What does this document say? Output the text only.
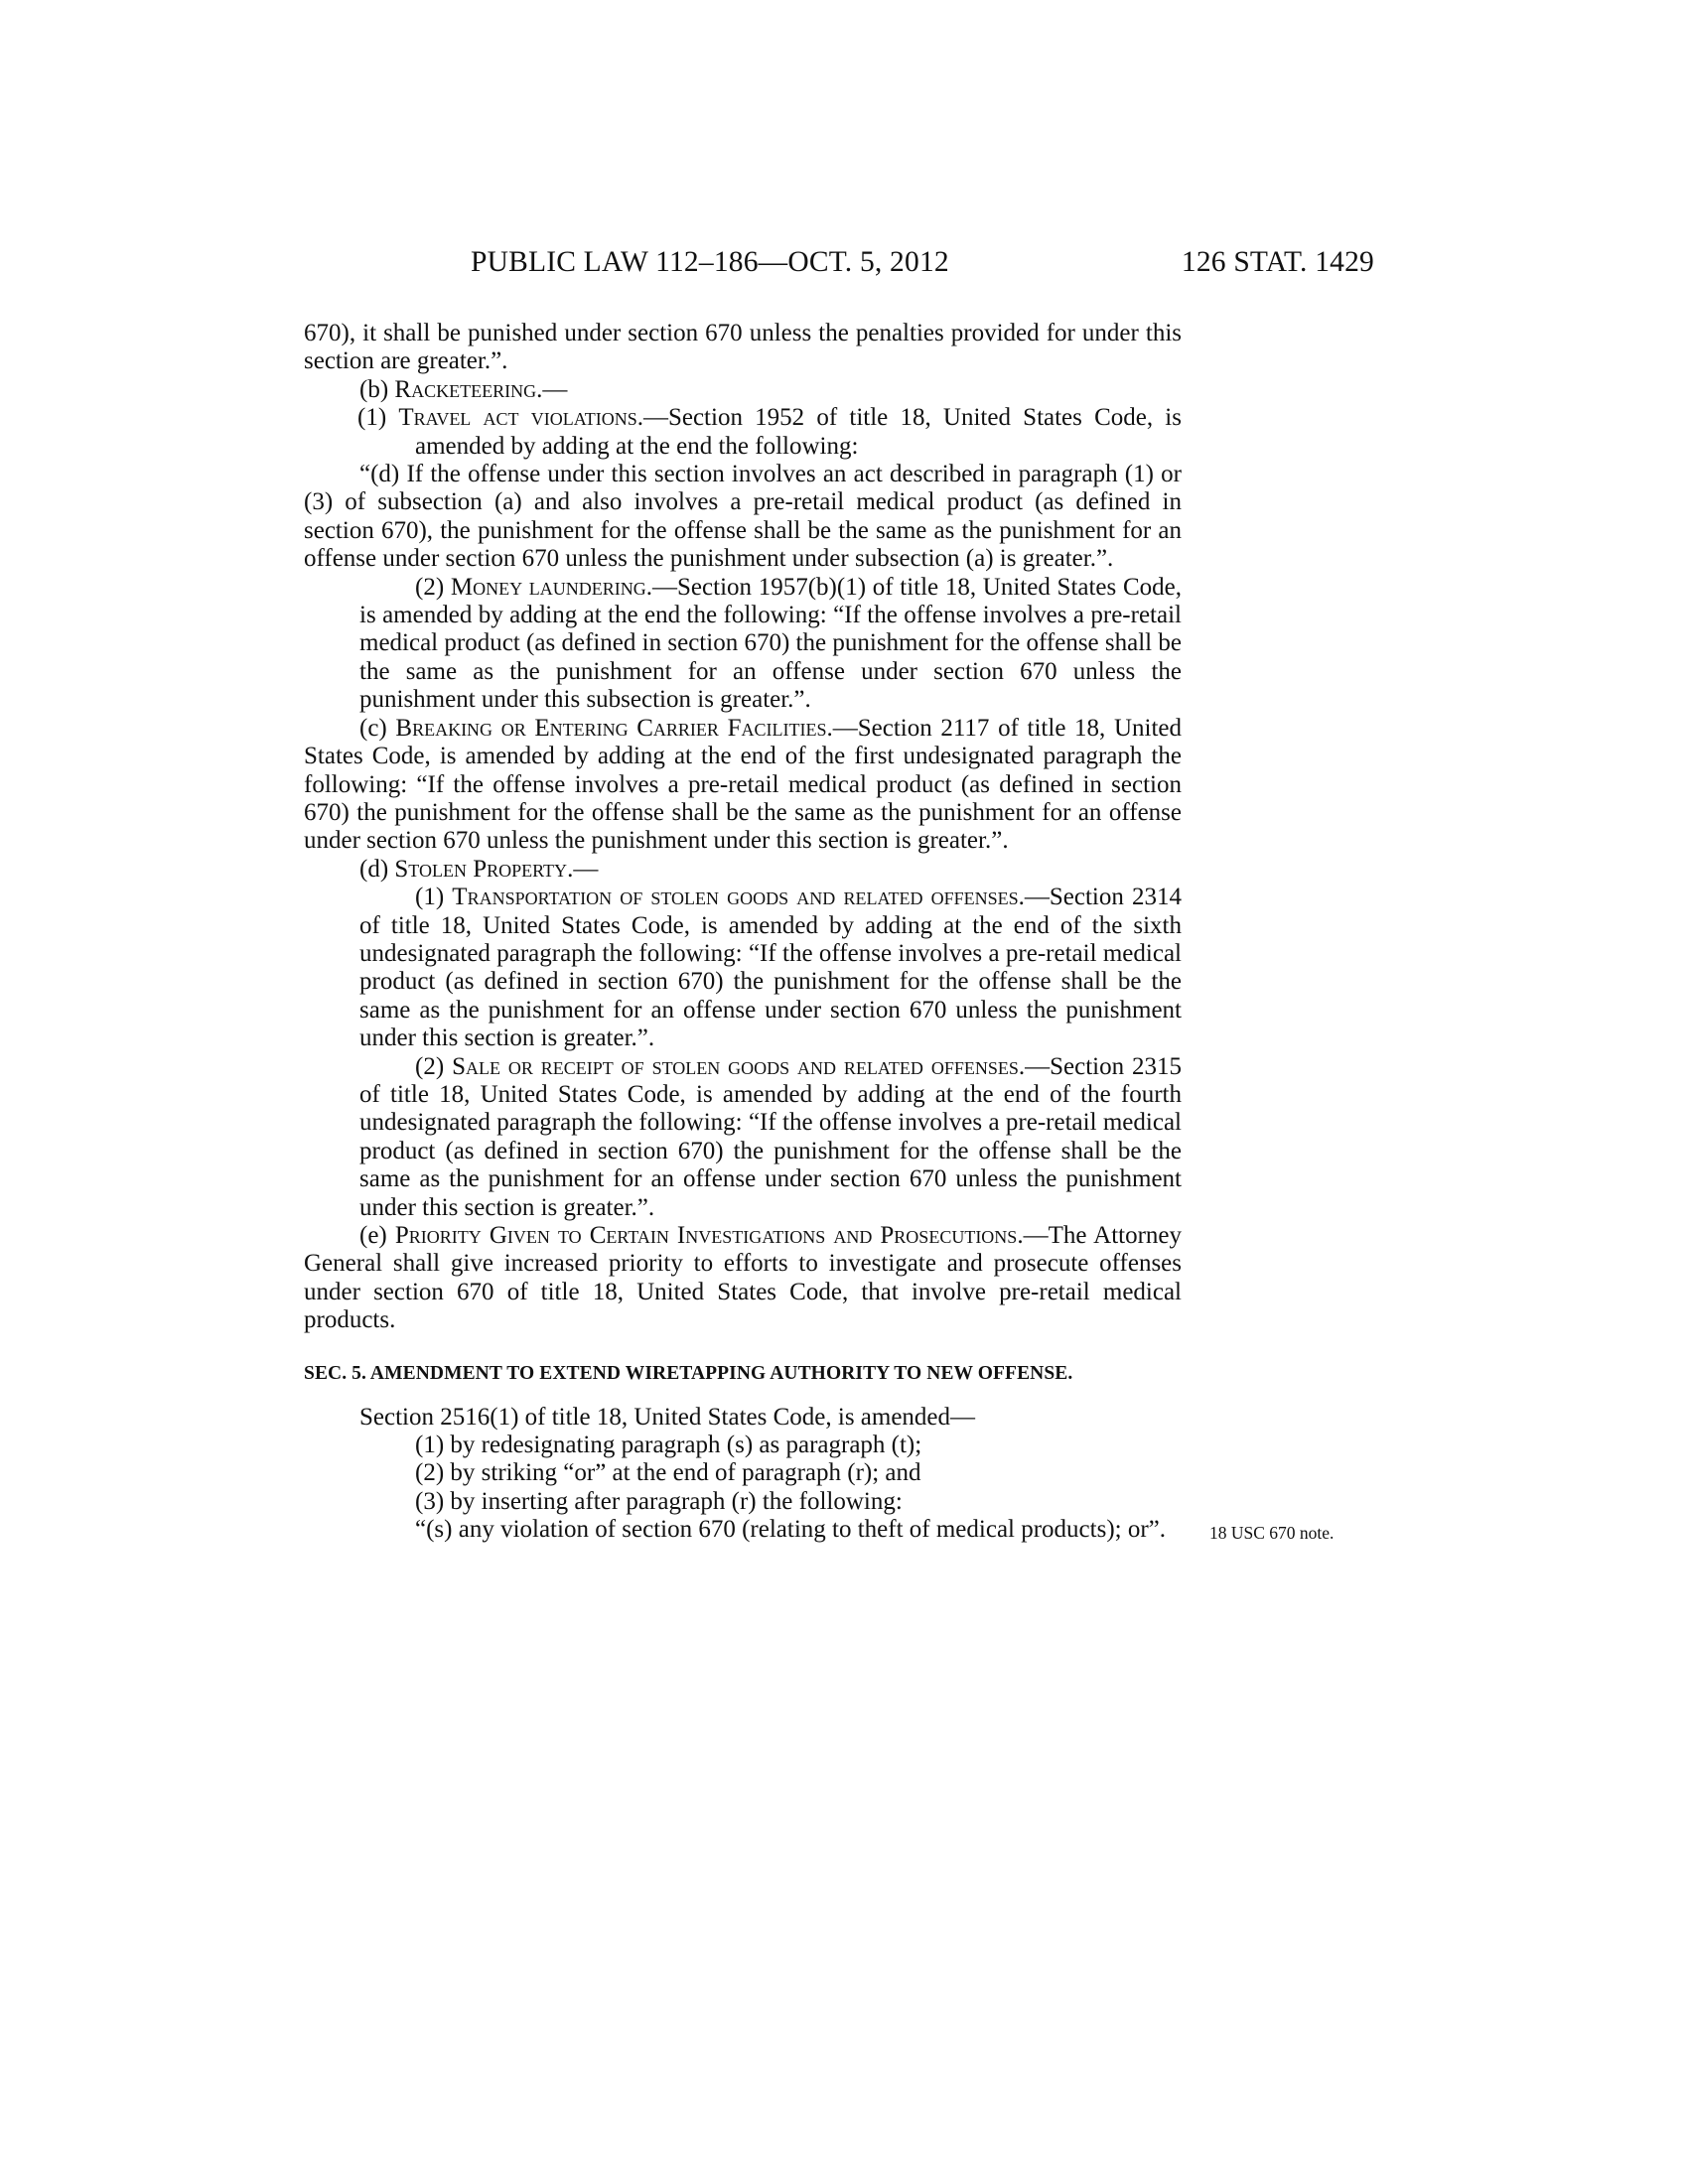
PUBLIC LAW 112–186—OCT. 5, 2012	126 STAT. 1429

670), it shall be punished under section 670 unless the penalties provided for under this section are greater.”.

(b) Racketeering.—

(1) Travel act violations.—Section 1952 of title 18, United States Code, is amended by adding at the end the following:

“(d) If the offense under this section involves an act described in paragraph (1) or (3) of subsection (a) and also involves a pre-retail medical product (as defined in section 670), the punishment for the offense shall be the same as the punishment for an offense under section 670 unless the punishment under subsection (a) is greater.”.

(2) Money laundering.—Section 1957(b)(1) of title 18, United States Code, is amended by adding at the end the following: “If the offense involves a pre-retail medical product (as defined in section 670) the punishment for the offense shall be the same as the punishment for an offense under section 670 unless the punishment under this subsection is greater.”.

(c) Breaking or Entering Carrier Facilities.—Section 2117 of title 18, United States Code, is amended by adding at the end of the first undesignated paragraph the following: “If the offense involves a pre-retail medical product (as defined in section 670) the punishment for the offense shall be the same as the punishment for an offense under section 670 unless the punishment under this section is greater.”.

(d) Stolen Property.—

(1) Transportation of stolen goods and related offenses.—Section 2314 of title 18, United States Code, is amended by adding at the end of the sixth undesignated paragraph the following: “If the offense involves a pre-retail medical product (as defined in section 670) the punishment for the offense shall be the same as the punishment for an offense under section 670 unless the punishment under this section is greater.”.

(2) Sale or receipt of stolen goods and related offenses.—Section 2315 of title 18, United States Code, is amended by adding at the end of the fourth undesignated paragraph the following: “If the offense involves a pre-retail medical product (as defined in section 670) the punishment for the offense shall be the same as the punishment for an offense under section 670 unless the punishment under this section is greater.”.

(e) Priority Given to Certain Investigations and Prosecutions.—The Attorney General shall give increased priority to efforts to investigate and prosecute offenses under section 670 of title 18, United States Code, that involve pre-retail medical products.

SEC. 5. AMENDMENT TO EXTEND WIRETAPPING AUTHORITY TO NEW OFFENSE.

Section 2516(1) of title 18, United States Code, is amended—

(1) by redesignating paragraph (s) as paragraph (t);

(2) by striking “or” at the end of paragraph (r); and

(3) by inserting after paragraph (r) the following:

“(s) any violation of section 670 (relating to theft of medical products); or”.	18 USC 670 note.
